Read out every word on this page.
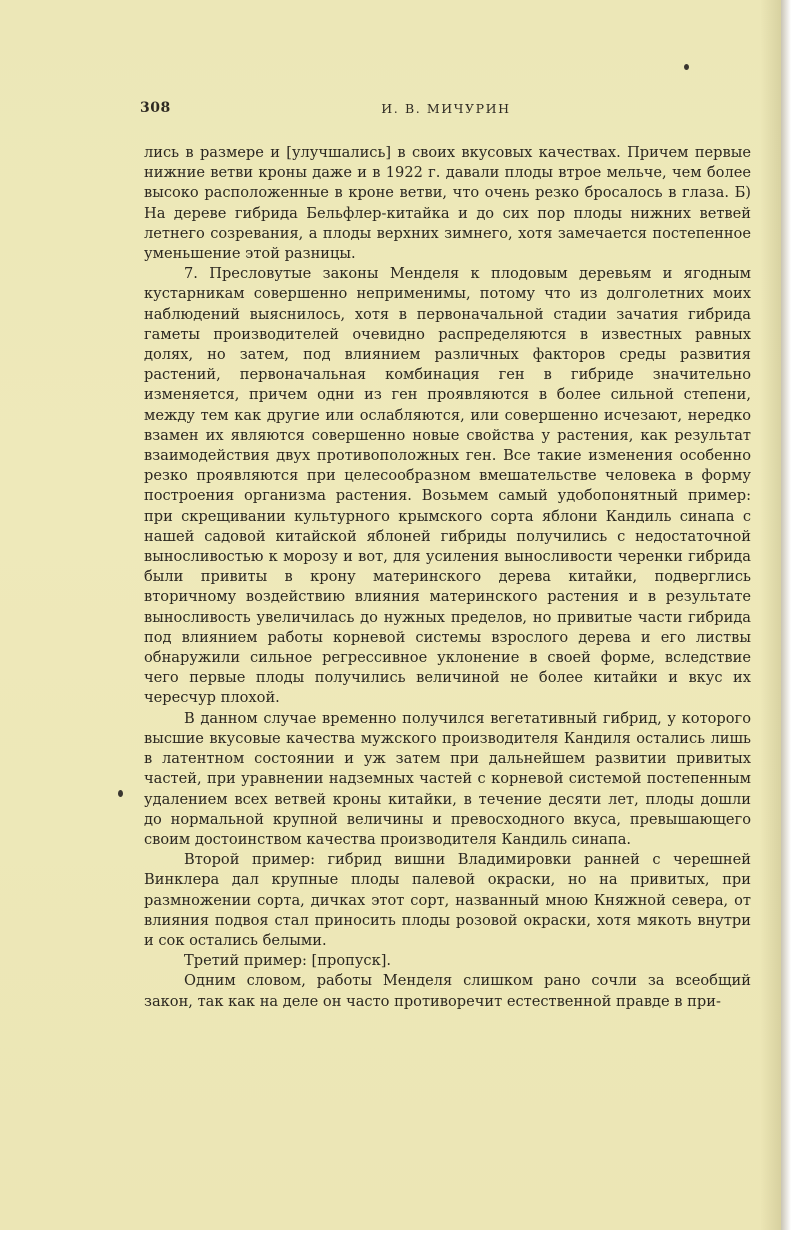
308	И. В. МИЧУРИН

лись в размере и [улучшались] в своих вкусовых качествах. Причем первые нижние ветви кроны даже и в 1922 г. давали плоды втрое мельче, чем более высоко расположенные в кроне ветви, что очень резко бросалось в глаза. Б) На дереве гибрида Бельфлер-китайка и до сих пор плоды нижних ветвей летнего созревания, а плоды верхних зимнего, хотя замечается постепенное уменьшение этой разницы.

7. Пресловутые законы Менделя к плодовым деревьям и ягодным кустарникам совершенно неприменимы, потому что из долголетних моих наблюдений выяснилось, хотя в первоначальной стадии зачатия гибрида гаметы производителей очевидно распределяются в известных равных долях, но затем, под влиянием различных факторов среды развития растений, первоначальная комбинация ген в гибриде значительно изменяется, причем одни из ген проявляются в более сильной степени, между тем как другие или ослабляются, или совершенно исчезают, нередко взамен их являются совершенно новые свойства у растения, как результат взаимодействия двух противоположных ген. Все такие изменения особенно резко проявляются при целесообразном вмешательстве человека в форму построения организма растения. Возьмем самый удобопонятный пример: при скрещивании культурного крымского сорта яблони Кандиль синапа с нашей садовой китайской яблоней гибриды получились с недостаточной выносливостью к морозу и вот, для усиления выносливости черенки гибрида были привиты в крону материнского дерева китайки, подверглись вторичному воздействию влияния материнского растения и в результате выносливость увеличилась до нужных пределов, но привитые части гибрида под влиянием работы корневой системы взрослого дерева и его листвы обнаружили сильное регрессивное уклонение в своей форме, вследствие чего первые плоды получились величиной не более китайки и вкус их чересчур плохой.

В данном случае временно получился вегетативный гибрид, у которого высшие вкусовые качества мужского производителя Кандиля остались лишь в латентном состоянии и уж затем при дальнейшем развитии привитых частей, при уравнении надземных частей с корневой системой постепенным удалением всех ветвей кроны китайки, в течение десяти лет, плоды дошли до нормальной крупной величины и превосходного вкуса, превышающего своим достоинством качества производителя Кандиль синапа.

Второй пример: гибрид вишни Владимировки ранней с черешней Винклера дал крупные плоды палевой окраски, но на привитых, при размножении сорта, дичках этот сорт, названный мною Княжной севера, от влияния подвоя стал приносить плоды розовой окраски, хотя мякоть внутри и сок остались белыми.

Третий пример: [пропуск].

Одним словом, работы Менделя слишком рано сочли за всеобщий закон, так как на деле он часто противоречит естественной правде в при-
